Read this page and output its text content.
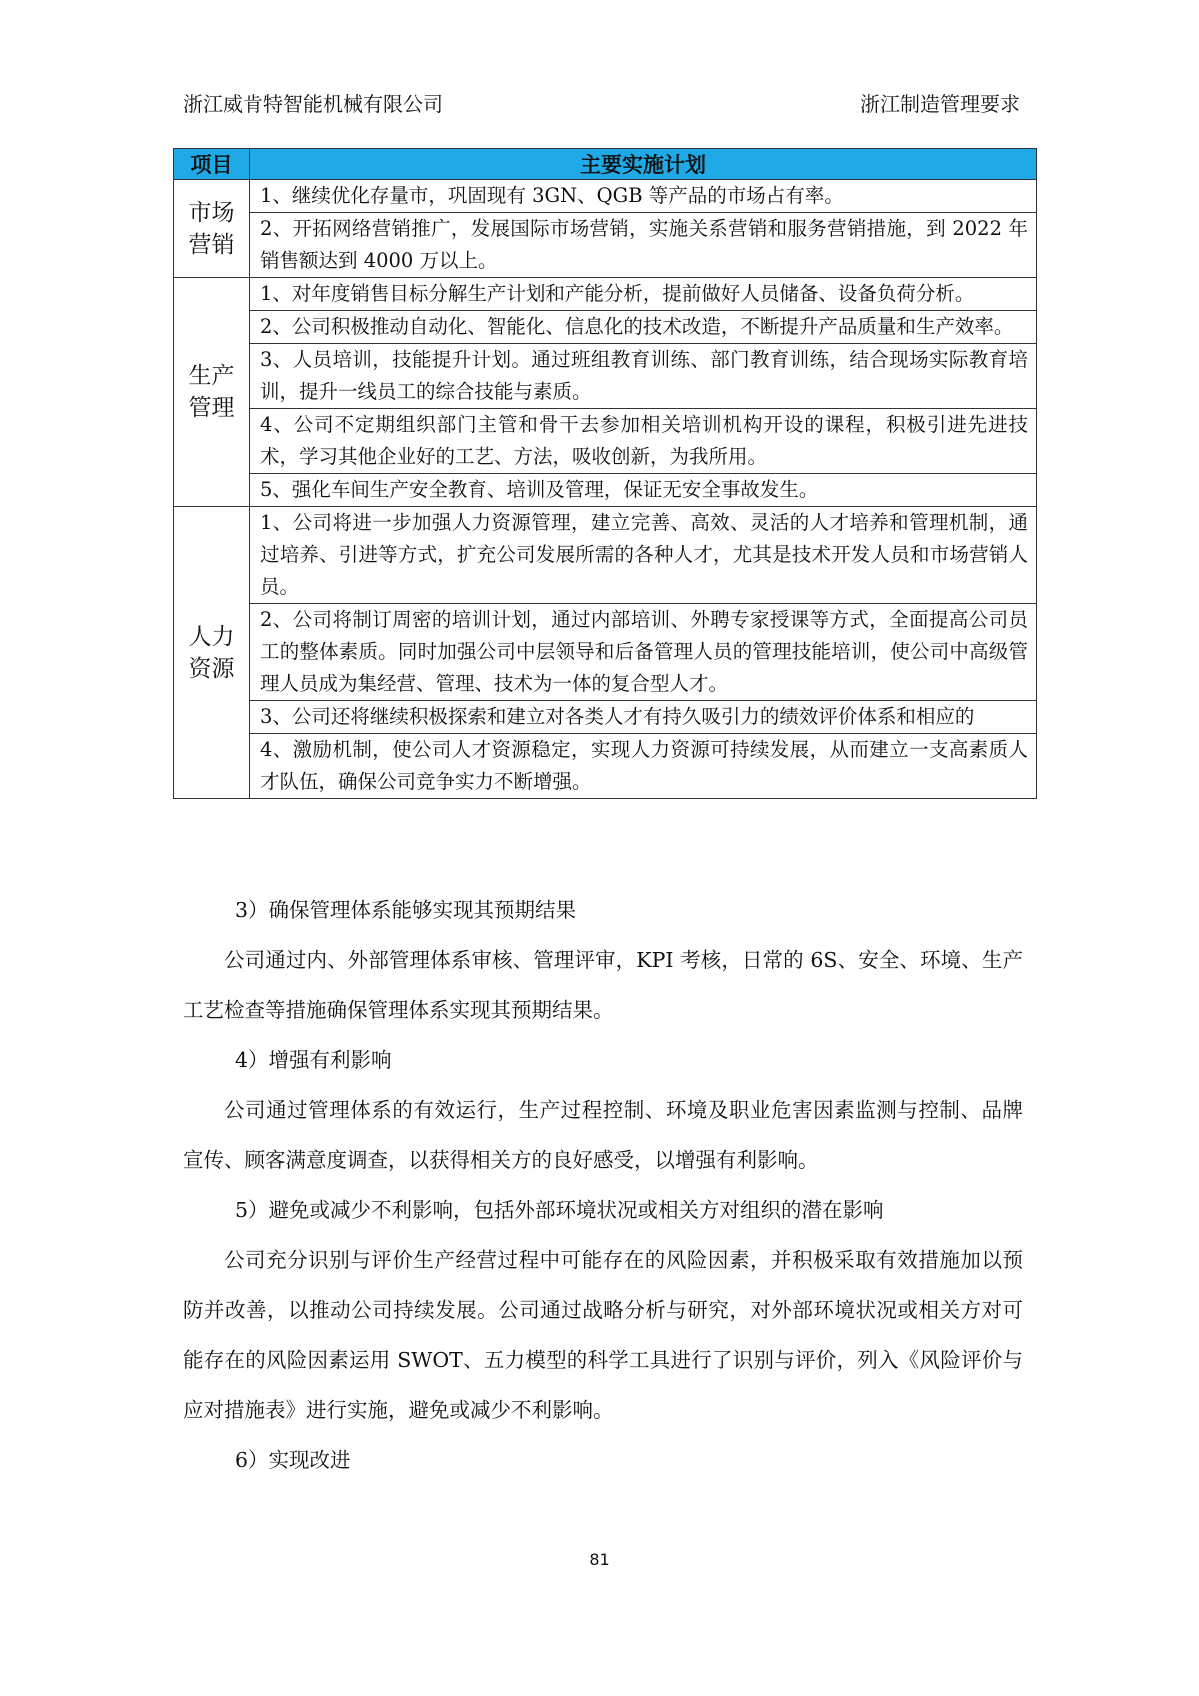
浙江威肯特智能机械有限公司	浙江制造管理要求
项目	主要实施计划

市场
营销	1、继续优化存量市，巩固现有 3GN、QGB 等产品的市场占有率。
	2、开拓网络营销推广，发展国际市场营销，实施关系营销和服务营销措施，到 2022 年销售额达到 4000 万以上。

生产
管理	1、对年度销售目标分解生产计划和产能分析，提前做好人员储备、设备负荷分析。
	2、公司积极推动自动化、智能化、信息化的技术改造，不断提升产品质量和生产效率。
	3、人员培训，技能提升计划。通过班组教育训练、部门教育训练，结合现场实际教育培训，提升一线员工的综合技能与素质。
	4、公司不定期组织部门主管和骨干去参加相关培训机构开设的课程，积极引进先进技术，学习其他企业好的工艺、方法，吸收创新，为我所用。
	5、强化车间生产安全教育、培训及管理，保证无安全事故发生。

人力
资源	1、公司将进一步加强人力资源管理，建立完善、高效、灵活的人才培养和管理机制，通过培养、引进等方式，扩充公司发展所需的各种人才，尤其是技术开发人员和市场营销人员。
	2、公司将制订周密的培训计划，通过内部培训、外聘专家授课等方式，全面提高公司员工的整体素质。同时加强公司中层领导和后备管理人员的管理技能培训，使公司中高级管理人员成为集经营、管理、技术为一体的复合型人才。
	3、公司还将继续积极探索和建立对各类人才有持久吸引力的绩效评价体系和相应的
	4、激励机制，使公司人才资源稳定，实现人力资源可持续发展，从而建立一支高素质人才队伍，确保公司竞争实力不断增强。

3）确保管理体系能够实现其预期结果

公司通过内、外部管理体系审核、管理评审，KPI 考核，日常的 6S、安全、环境、生产工艺检查等措施确保管理体系实现其预期结果。

4）增强有利影响

公司通过管理体系的有效运行，生产过程控制、环境及职业危害因素监测与控制、品牌宣传、顾客满意度调查，以获得相关方的良好感受，以增强有利影响。

5）避免或减少不利影响，包括外部环境状况或相关方对组织的潜在影响

公司充分识别与评价生产经营过程中可能存在的风险因素，并积极采取有效措施加以预防并改善，以推动公司持续发展。公司通过战略分析与研究，对外部环境状况或相关方对可能存在的风险因素运用 SWOT、五力模型的科学工具进行了识别与评价，列入《风险评价与应对措施表》进行实施，避免或减少不利影响。

6）实现改进

81
